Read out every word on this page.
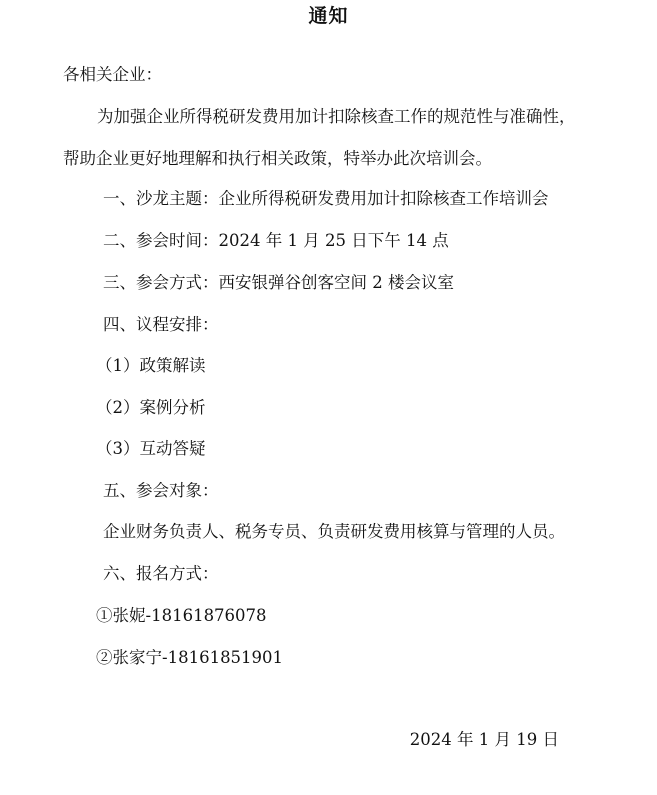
通知
各相关企业：
为加强企业所得税研发费用加计扣除核查工作的规范性与准确性，
帮助企业更好地理解和执行相关政策，特举办此次培训会。
一、沙龙主题：企业所得税研发费用加计扣除核查工作培训会
二、参会时间：2024 年 1 月 25 日下午 14 点
三、参会方式：西安银弹谷创客空间 2 楼会议室
四、议程安排：
（1）政策解读
（2）案例分析
（3）互动答疑
五、参会对象：
企业财务负责人、税务专员、负责研发费用核算与管理的人员。
六、报名方式：
①张妮-18161876078
②张家宁-18161851901
2024 年 1 月 19 日
